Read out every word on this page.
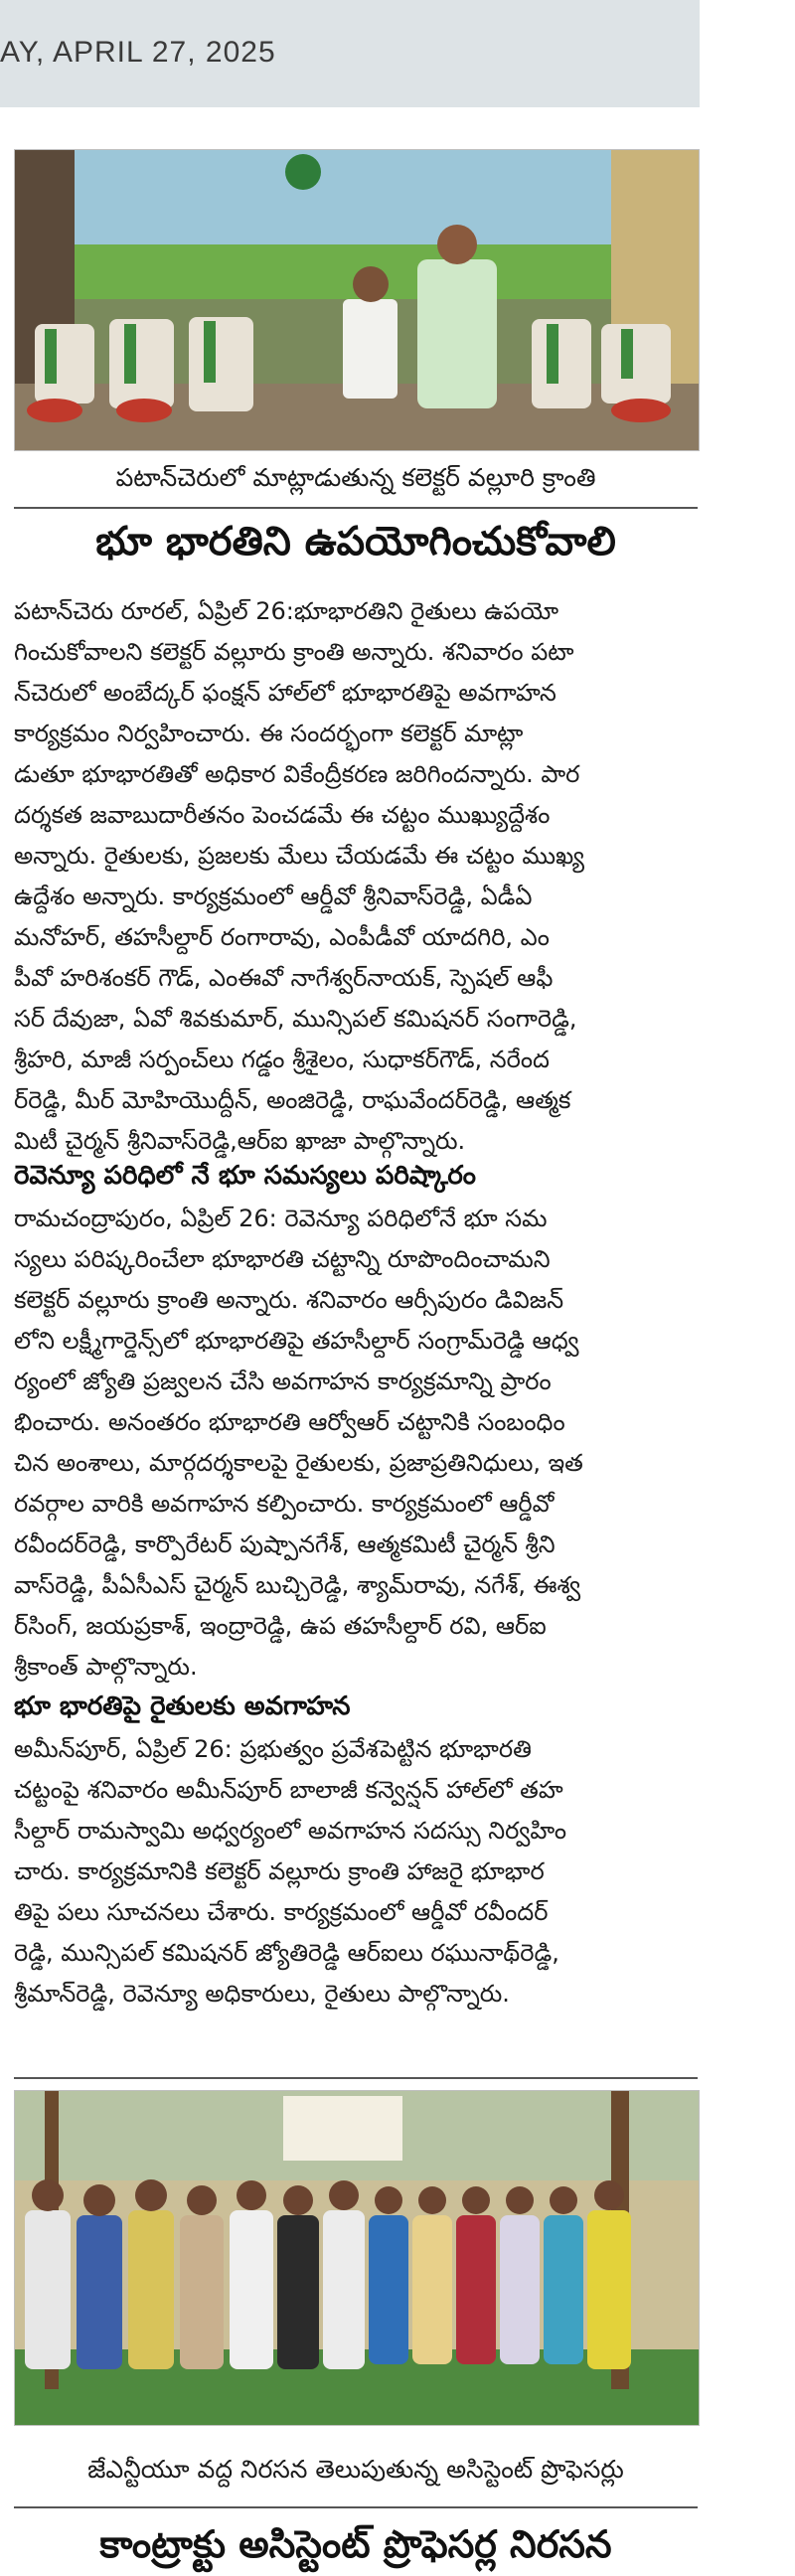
AY, APRIL 27, 2025
పటాన్‌చెరులో మాట్లాడుతున్న కలెక్టర్ వల్లూరి క్రాంతి
భూ భారతిని ఉపయోగించుకోవాలి
పటాన్‌చెరు రూరల్, ఏప్రిల్ 26:భూభారతిని రైతులు ఉపయో
గించుకోవాలని కలెక్టర్ వల్లూరు క్రాంతి అన్నారు. శనివారం పటా
న్‌చెరులో అంబేద్కర్ ఫంక్షన్ హాల్‌లో భూభారతిపై అవగాహన
కార్యక్రమం నిర్వహించారు. ఈ సందర్భంగా కలెక్టర్ మాట్లా
డుతూ భూభారతితో అధికార వికేంద్రీకరణ జరిగిందన్నారు. పార
దర్శకత జవాబుదారీతనం పెంచడమే ఈ చట్టం ముఖ్యుద్దేశం
అన్నారు. రైతులకు, ప్రజలకు మేలు చేయడమే ఈ చట్టం ముఖ్య
ఉద్దేశం అన్నారు. కార్యక్రమంలో ఆర్డీవో శ్రీనివాస్‌రెడ్డి, ఏడీఏ
మనోహర్, తహసీల్దార్ రంగారావు, ఎంపీడీవో యాదగిరి, ఎం
పీవో హరిశంకర్ గౌడ్, ఎంఈవో నాగేశ్వర్‌నాయక్, స్పెషల్ ఆఫీ
సర్ దేవుజా, ఏవో శివకుమార్, మున్సిపల్ కమిషనర్ సంగారెడ్డి,
శ్రీహరి, మాజీ సర్పంచ్‌లు గడ్డం శ్రీశైలం, సుధాకర్‌గౌడ్, నరేంద
ర్‌రెడ్డి, మీర్ మోహియొద్దీన్, అంజిరెడ్డి, రాఘవేందర్‌రెడ్డి, ఆత్మక
మిటీ చైర్మన్ శ్రీనివాస్‌రెడ్డి,ఆర్ఐ ఖాజా పాల్గొన్నారు.
రెవెన్యూ పరిధిలో నే భూ సమస్యలు పరిష్కారం
రామచంద్రాపురం, ఏప్రిల్ 26: రెవెన్యూ పరిధిలోనే భూ సమ
స్యలు పరిష్కరించేలా భూభారతి చట్టాన్ని రూపొందించామని
కలెక్టర్ వల్లూరు క్రాంతి అన్నారు. శనివారం ఆర్సీపురం డివిజన్
లోని లక్ష్మీగార్డెన్స్‌లో భూభారతిపై తహసీల్దార్ సంగ్రామ్‌రెడ్డి ఆధ్వ
ర్యంలో జ్యోతి ప్రజ్వలన చేసి అవగాహన కార్యక్రమాన్ని ప్రారం
భించారు. అనంతరం భూభారతి ఆర్వోఆర్ చట్టానికి సంబంధిం
చిన అంశాలు, మార్గదర్శకాలపై రైతులకు, ప్రజాప్రతినిధులు, ఇత
రవర్గాల వారికి అవగాహన కల్పించారు. కార్యక్రమంలో ఆర్డీవో
రవీందర్‌రెడ్డి, కార్పొరేటర్ పుష్పానగేశ్, ఆత్మకమిటీ చైర్మన్ శ్రీని
వాస్‌రెడ్డి, పీఏసీఎస్ చైర్మన్ బుచ్చిరెడ్డి, శ్యామ్‌రావు, నగేశ్, ఈశ్వ
ర్‌సింగ్, జయప్రకాశ్, ఇంద్రారెడ్డి, ఉప తహసీల్దార్ రవి, ఆర్ఐ
శ్రీకాంత్ పాల్గొన్నారు.
భూ భారతిపై రైతులకు అవగాహన
అమీన్‌పూర్, ఏప్రిల్ 26: ప్రభుత్వం ప్రవేశపెట్టిన భూభారతి
చట్టంపై శనివారం అమీన్‌పూర్ బాలాజీ కన్వెన్షన్ హాల్‌లో తహ
సీల్దార్ రామస్వామి అధ్వర్యంలో అవగాహన సదస్సు నిర్వహిం
చారు. కార్యక్రమానికి కలెక్టర్ వల్లూరు క్రాంతి హాజరై భూభార
తిపై పలు సూచనలు చేశారు. కార్యక్రమంలో ఆర్డీవో రవీందర్
రెడ్డి, మున్సిపల్ కమిషనర్ జ్యోతిరెడ్డి ఆర్ఐలు రఘునాథ్‌రెడ్డి,
శ్రీమాన్‌రెడ్డి, రెవెన్యూ అధికారులు, రైతులు పాల్గొన్నారు.
జేఎన్టీయూ వద్ద నిరసన తెలుపుతున్న అసిస్టెంట్ ప్రొఫెసర్లు
కాంట్రాక్టు అసిస్టెంట్ ప్రొఫెసర్ల నిరసన
